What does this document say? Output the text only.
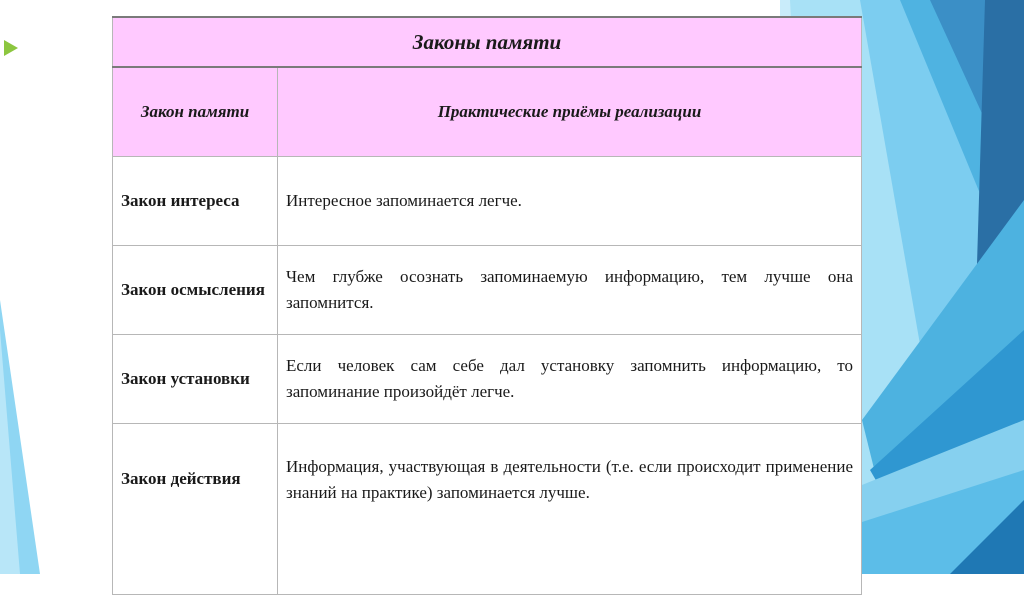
Законы памяти	
Закон памяти	Практические приёмы реализации
Закон интереса	Интересное запоминается легче.
Закон осмысления	Чем глубже осознать запоминаемую информацию, тем лучше она запомнится.
Закон установки	Если человек сам себе дал установку запомнить информацию, то запоминание произойдёт легче.
Закон действия	Информация, участвующая в деятельности (т.е. если происходит применение знаний на практике) запоминается лучше.
